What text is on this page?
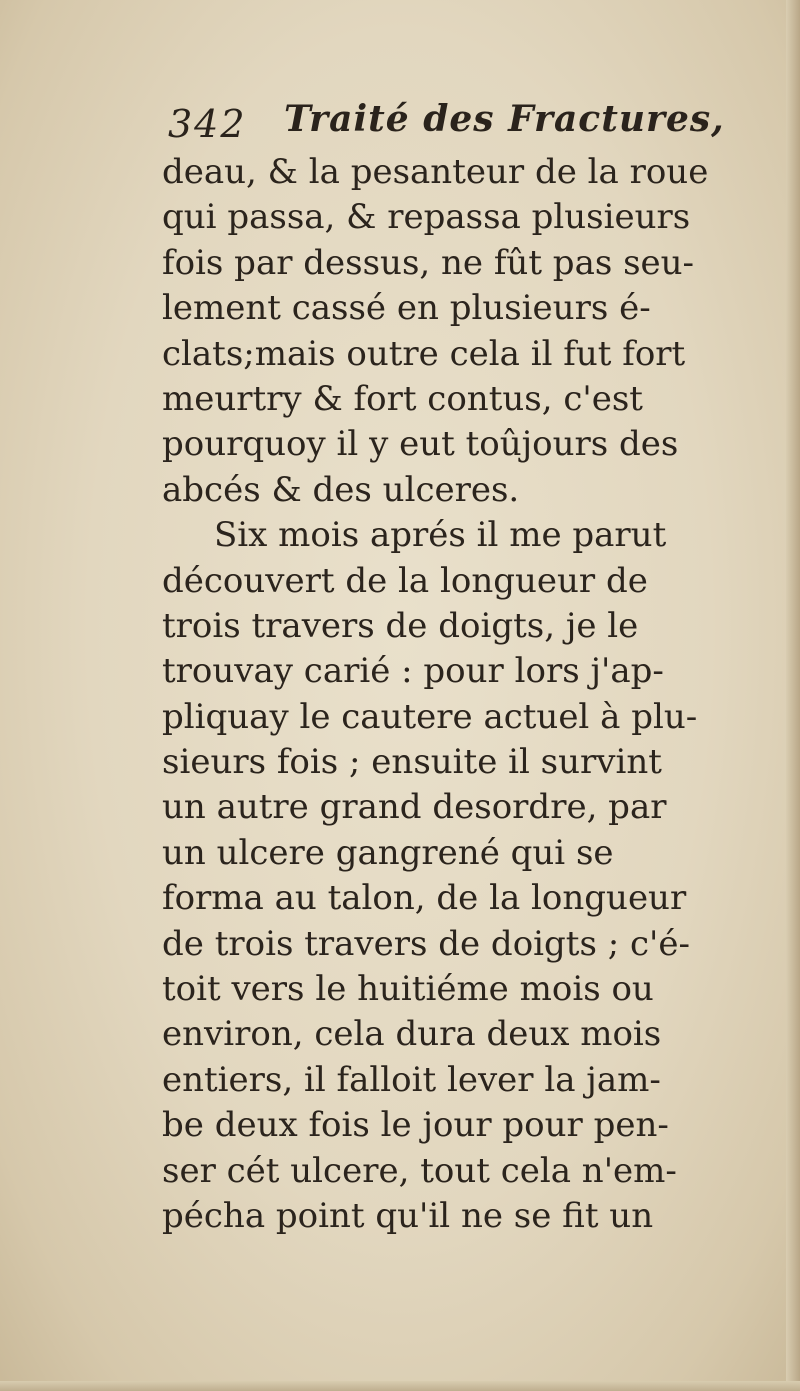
342 Traité des Fractures,
deau, & la pesanteur de la roue
qui passa, & repassa plusieurs
fois par dessus, ne fût pas seu-
lement cassé en plusieurs é-
clats;mais outre cela il fut fort
meurtry & fort contus, c'est
pourquoy il y eut toûjours des
abcés & des ulceres.
Six mois aprés il me parut
découvert de la longueur de
trois travers de doigts, je le
trouvay carié : pour lors j'ap-
pliquay le cautere actuel à plu-
sieurs fois ; ensuite il survint
un autre grand desordre, par
un ulcere gangrené qui se
forma au talon, de la longueur
de trois travers de doigts ; c'é-
toit vers le huitiéme mois ou
environ, cela dura deux mois
entiers, il falloit lever la jam-
be deux fois le jour pour pen-
ser cét ulcere, tout cela n'em-
pécha point qu'il ne se fit un
